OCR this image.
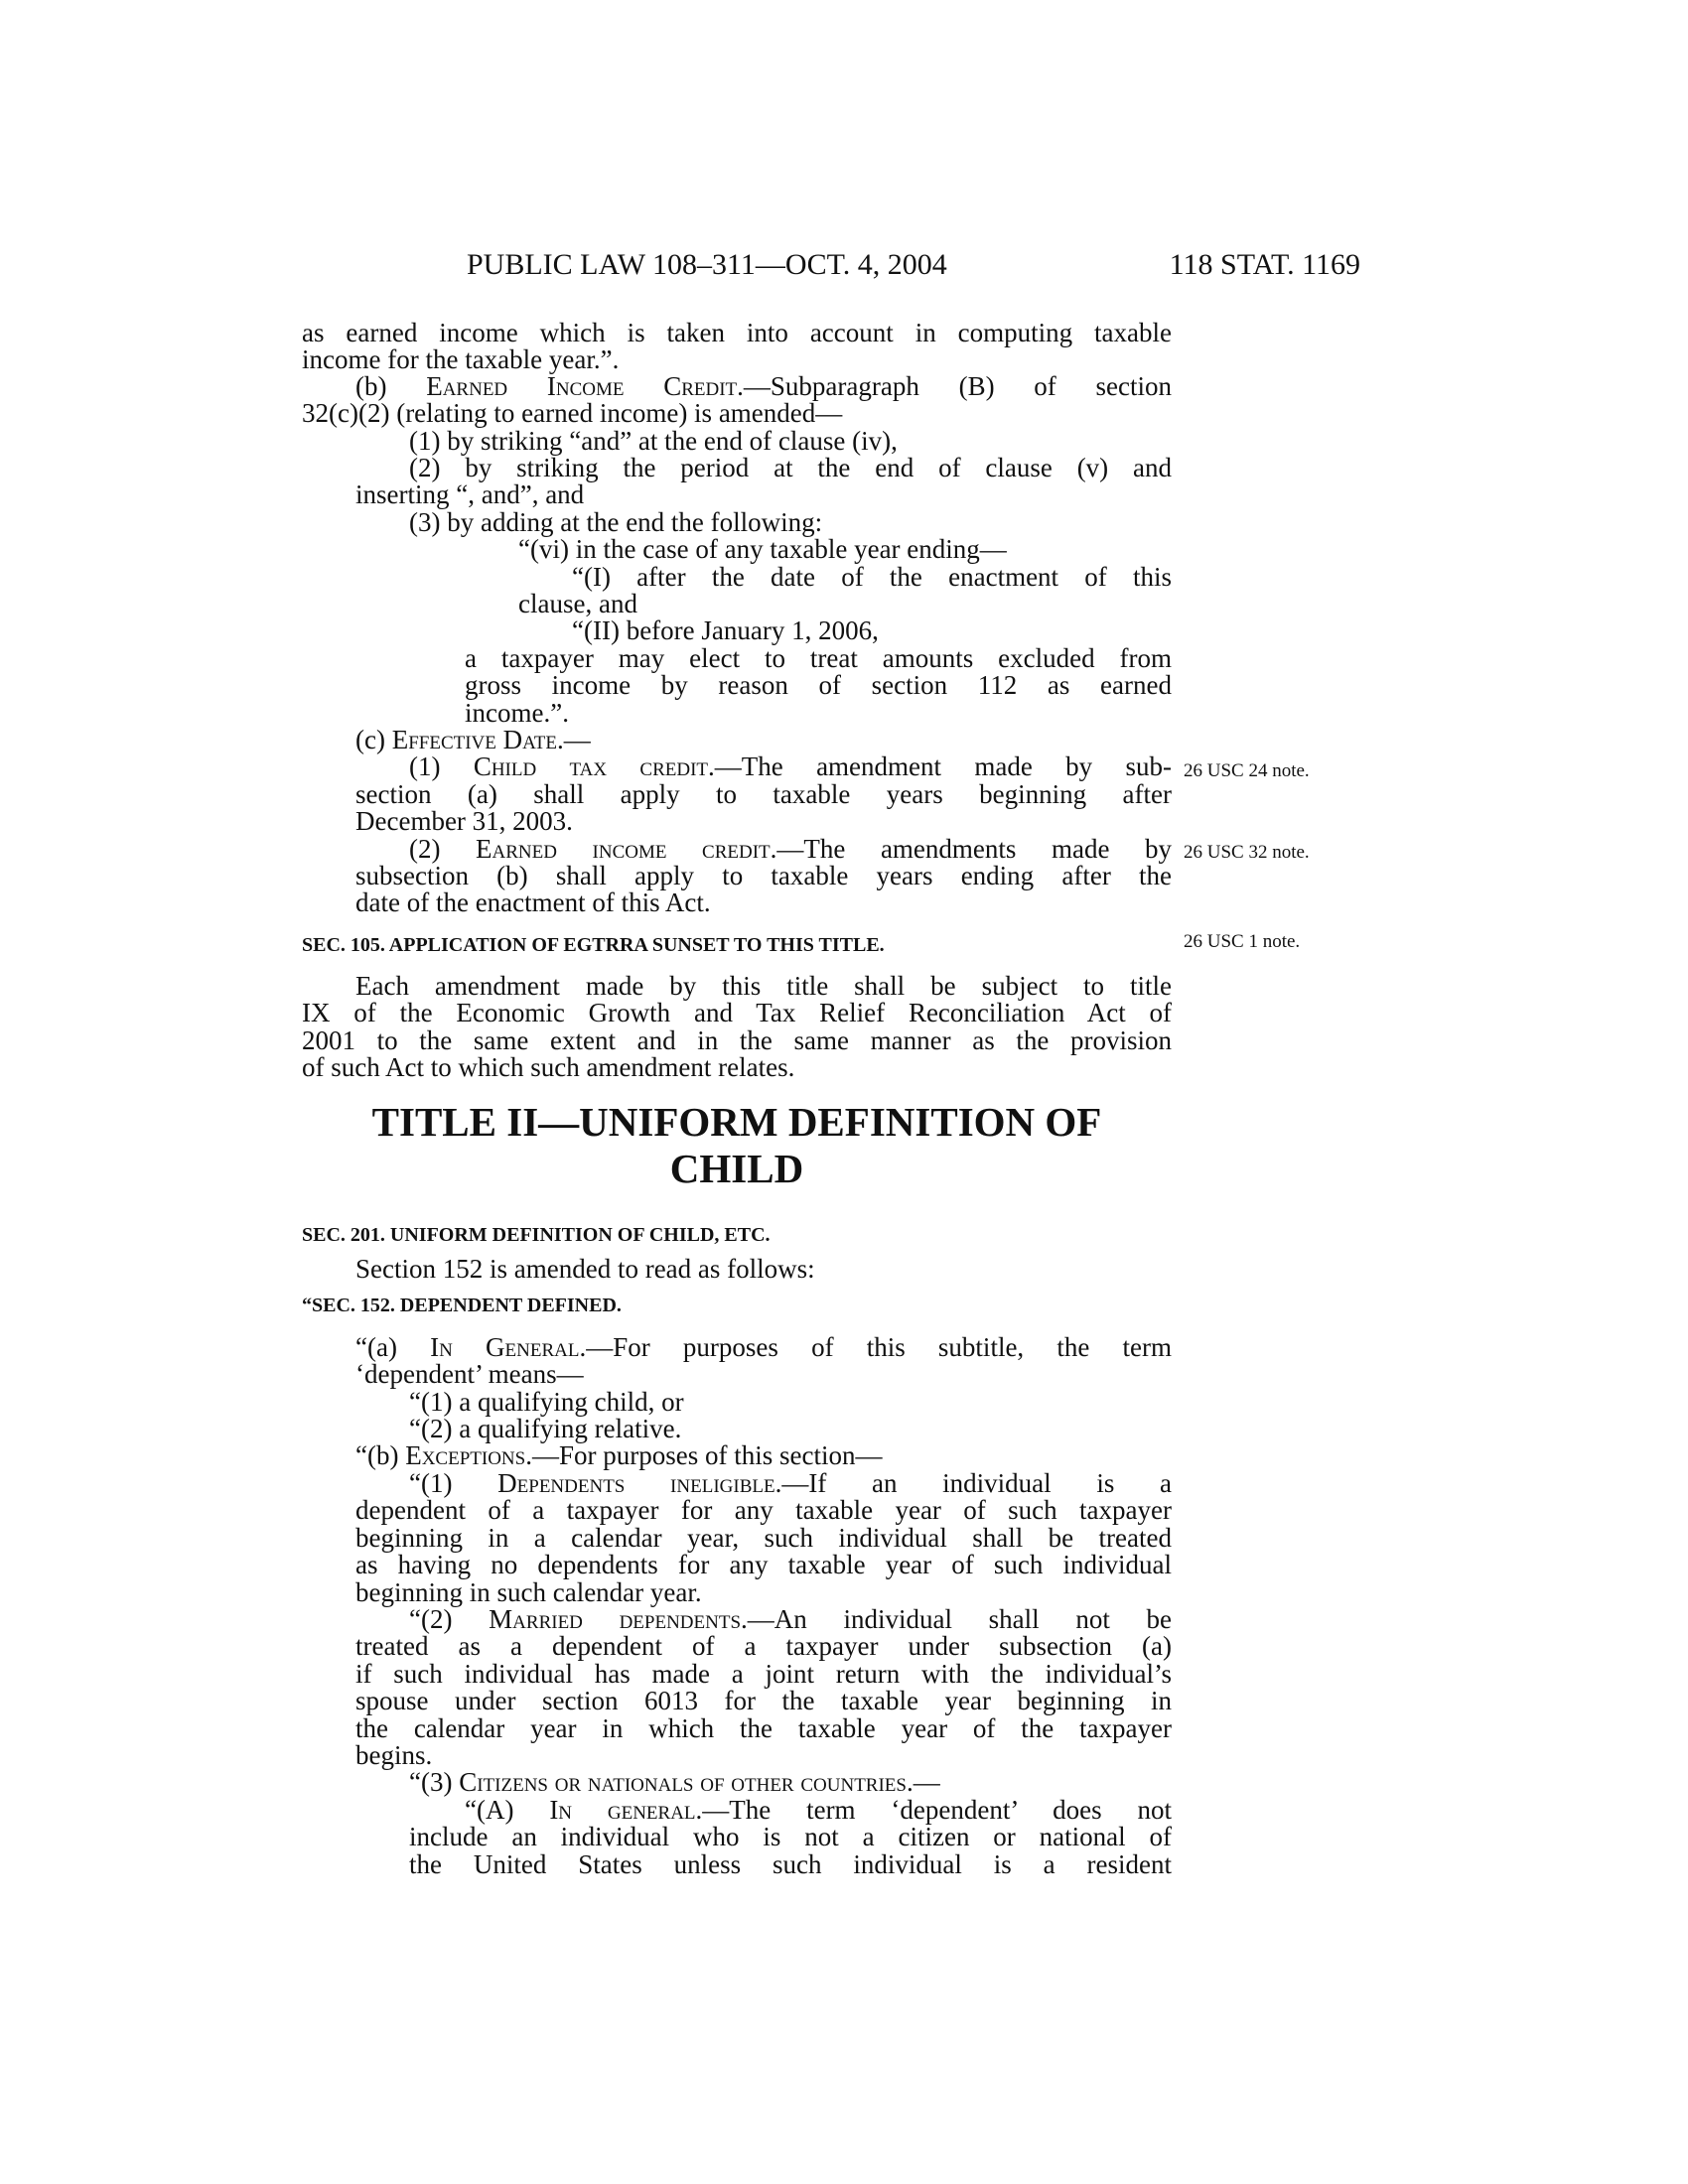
PUBLIC LAW 108–311—OCT. 4, 2004	118 STAT. 1169
as earned income which is taken into account in computing taxable
income for the taxable year.”.
(b) Earned Income Credit.—Subparagraph (B) of section
32(c)(2) (relating to earned income) is amended—
(1) by striking “and” at the end of clause (iv),
(2) by striking the period at the end of clause (v) and
inserting “, and”, and
(3) by adding at the end the following:
“(vi) in the case of any taxable year ending—
“(I) after the date of the enactment of this
clause, and
“(II) before January 1, 2006,
a taxpayer may elect to treat amounts excluded from
gross income by reason of section 112 as earned
income.”.
(c) Effective Date.—
(1) Child tax credit.—The amendment made by sub-
section (a) shall apply to taxable years beginning after
December 31, 2003.
(2) Earned income credit.—The amendments made by
subsection (b) shall apply to taxable years ending after the
date of the enactment of this Act.
26 USC 24 note.
26 USC 32 note.
SEC. 105. APPLICATION OF EGTRRA SUNSET TO THIS TITLE.	26 USC 1 note.
Each amendment made by this title shall be subject to title
IX of the Economic Growth and Tax Relief Reconciliation Act of
2001 to the same extent and in the same manner as the provision
of such Act to which such amendment relates.
TITLE II—UNIFORM DEFINITION OF
CHILD
SEC. 201. UNIFORM DEFINITION OF CHILD, ETC.
Section 152 is amended to read as follows:
“SEC. 152. DEPENDENT DEFINED.
“(a) In General.—For purposes of this subtitle, the term
‘dependent’ means—
“(1) a qualifying child, or
“(2) a qualifying relative.
“(b) Exceptions.—For purposes of this section—
“(1) Dependents ineligible.—If an individual is a
dependent of a taxpayer for any taxable year of such taxpayer
beginning in a calendar year, such individual shall be treated
as having no dependents for any taxable year of such individual
beginning in such calendar year.
“(2) Married dependents.—An individual shall not be
treated as a dependent of a taxpayer under subsection (a)
if such individual has made a joint return with the individual’s
spouse under section 6013 for the taxable year beginning in
the calendar year in which the taxable year of the taxpayer
begins.
“(3) Citizens or nationals of other countries.—
“(A) In general.—The term ‘dependent’ does not
include an individual who is not a citizen or national of
the United States unless such individual is a resident
